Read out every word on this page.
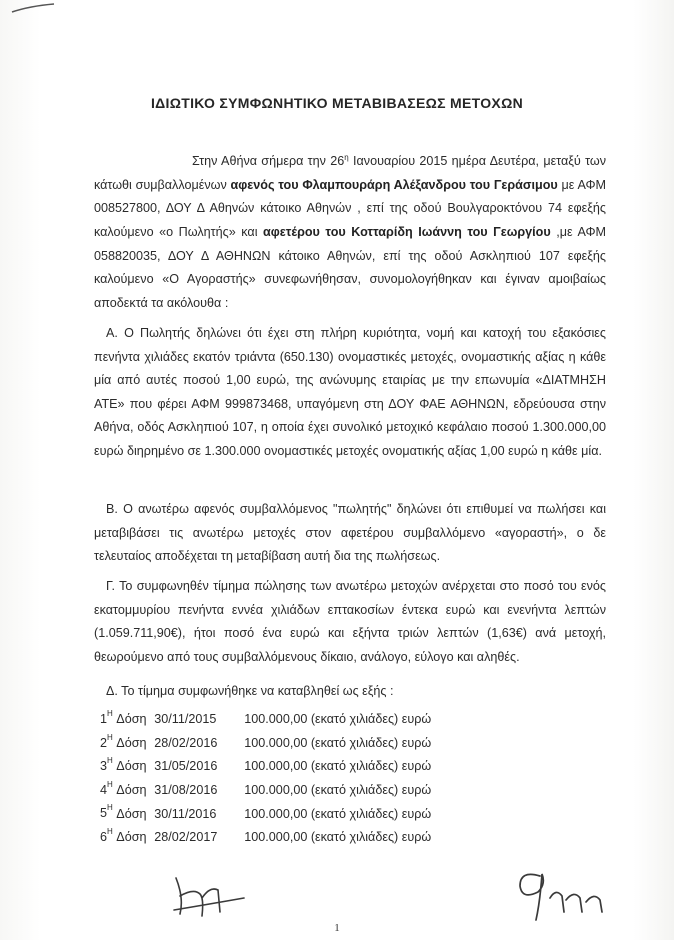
ΙΔΙΩΤΙΚΟ ΣΥΜΦΩΝΗΤΙΚΟ ΜΕΤΑΒΙΒΑΣΕΩΣ ΜΕΤΟΧΩΝ
Στην Αθήνα σήμερα την $26^\eta$ Ιανουαρίου 2015 ημέρα Δευτέρα, μεταξύ των κάτωθι συμβαλλομένων αφενός του Φλαμπουράρη Αλέξανδρου του Γεράσιμου με ΑΦΜ 008527800, ΔΟΥ Δ Αθηνών κάτοικο Αθηνών , επί της οδού Βουλγαροκτόνου 74 εφεξής καλούμενο «ο Πωλητής» και αφετέρου του Κοτταρίδη Ιωάννη του Γεωργίου ,με ΑΦΜ 058820035, ΔΟΥ Δ ΑΘΗΝΩΝ κάτοικο Αθηνών, επί της οδού Ασκληπιού 107 εφεξής καλούμενο «Ο Αγοραστής» συνεφωνήθησαν, συνομολογήθηκαν και έγιναν αμοιβαίως αποδεκτά τα ακόλουθα :
Α. Ο Πωλητής δηλώνει ότι έχει στη πλήρη κυριότητα, νομή και κατοχή του εξακόσιες πενήντα χιλιάδες εκατόν τριάντα (650.130) ονομαστικές μετοχές, ονομαστικής αξίας η κάθε μία από αυτές ποσού 1,00 ευρώ, της ανώνυμης εταιρίας με την επωνυμία «ΔΙΑΤΜΗΣΗ ΑΤΕ» που φέρει ΑΦΜ 999873468, υπαγόμενη στη ΔΟΥ ΦΑΕ ΑΘΗΝΩΝ, εδρεύουσα στην Αθήνα, οδός Ασκληπιού 107, η οποία έχει συνολικό μετοχικό κεφάλαιο ποσού 1.300.000,00 ευρώ διηρημένο σε 1.300.000 ονομαστικές μετοχές ονοματικής αξίας 1,00 ευρώ η κάθε μία.
Β. Ο ανωτέρω αφενός συμβαλλόμενος "πωλητής" δηλώνει ότι επιθυμεί να πωλήσει και μεταβιβάσει τις ανωτέρω μετοχές στον αφετέρου συμβαλλόμενο «αγοραστή», ο δε τελευταίος αποδέχεται τη μεταβίβαση αυτή δια της πωλήσεως.
Γ. Το συμφωνηθέν τίμημα πώλησης των ανωτέρω μετοχών ανέρχεται στο ποσό του ενός εκατομμυρίου πενήντα εννέα χιλιάδων επτακοσίων έντεκα ευρώ και ενενήντα λεπτών (1.059.711,90€), ήτοι ποσό ένα ευρώ και εξήντα τριών λεπτών (1,63€) ανά μετοχή, θεωρούμενο από τους συμβαλλόμενους δίκαιο, ανάλογο, εύλογο και αληθές.
Δ. Το τίμημα συμφωνήθηκε να καταβληθεί ως εξής :
$1^H$ Δόση 30/11/2015 100.000,00 (εκατό χιλιάδες) ευρώ
$2^H$ Δόση 28/02/2016 100.000,00 (εκατό χιλιάδες) ευρώ
$3^H$ Δόση 31/05/2016 100.000,00 (εκατό χιλιάδες) ευρώ
$4^H$ Δόση 31/08/2016 100.000,00 (εκατό χιλιάδες) ευρώ
$5^H$ Δόση 30/11/2016 100.000,00 (εκατό χιλιάδες) ευρώ
$6^H$ Δόση 28/02/2017 100.000,00 (εκατό χιλιάδες) ευρώ
1
